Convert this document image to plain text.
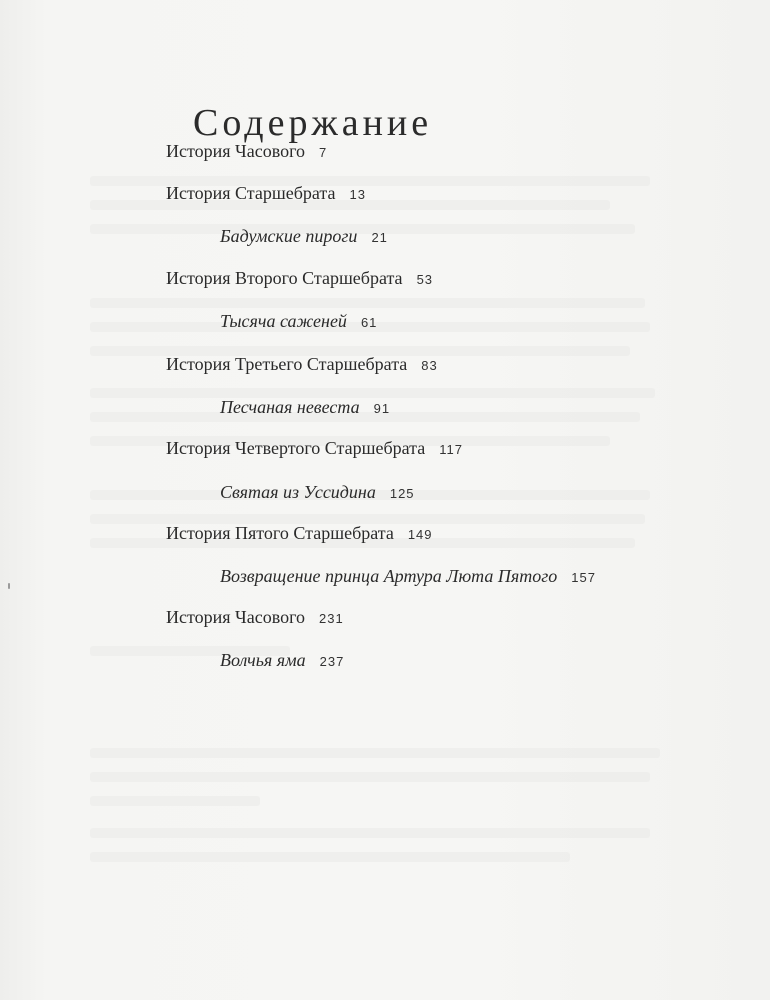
Содержание
История Часового 7
История Старшебрата 13
Бадумские пироги 21
История Второго Старшебрата 53
Тысяча саженей 61
История Третьего Старшебрата 83
Песчаная невеста 91
История Четвертого Старшебрата 117
Святая из Уссидина 125
История Пятого Старшебрата 149
Возвращение принца Артура Люта Пятого 157
История Часового 231
Волчья яма 237
